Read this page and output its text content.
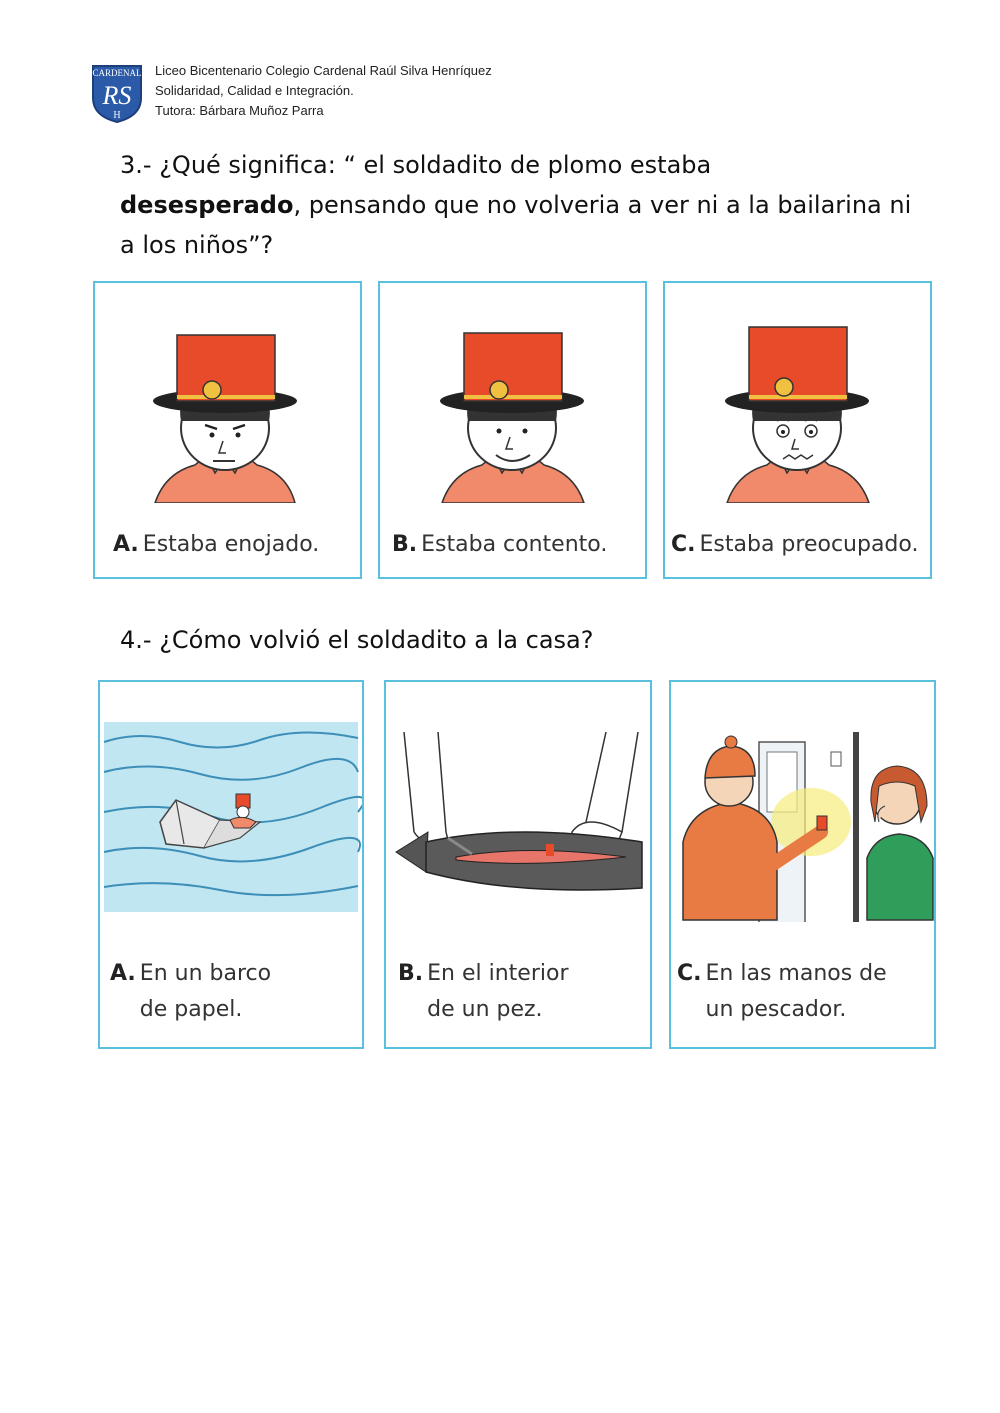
CARDENAL
RS
H
Liceo Bicentenario Colegio Cardenal Raúl Silva Henríquez
Solidaridad, Calidad e Integración.
Tutora: Bárbara Muñoz Parra
3.- ¿Qué significa: “ el soldadito de plomo estaba
desesperado, pensando que no volveria a ver ni a la bailarina ni a los niños”?
A. Estaba enojado.	B. Estaba contento.	C. Estaba preocupado.
4.- ¿Cómo volvió el soldadito a la casa?
A. En un barco
de papel.
B. En el interior
de un pez.
C. En las manos de
un pescador.
